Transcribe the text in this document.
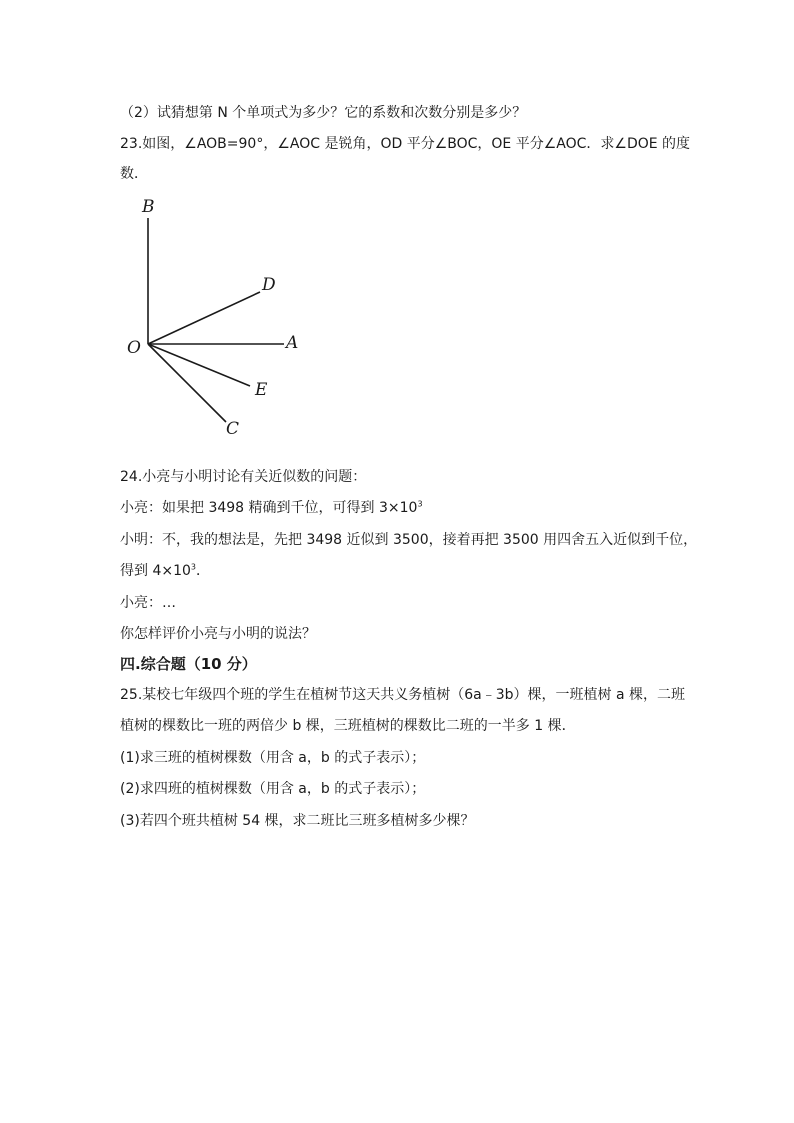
（2）试猜想第 N 个单项式为多少？它的系数和次数分别是多少？
23.如图，∠AOB=90°，∠AOC 是锐角，OD 平分∠BOC，OE 平分∠AOC．求∠DOE 的度
数．
B
D
O	A
E
C
24.小亮与小明讨论有关近似数的问题：
小亮：如果把 3498 精确到千位，可得到 $3\times 10^3$
小明：不，我的想法是，先把 3498 近似到 3500，接着再把 3500 用四舍五入近似到千位，
得到 $4\times 10^3$．
小亮：…
你怎样评价小亮与小明的说法？
四.综合题（10 分）
25.某校七年级四个班的学生在植树节这天共义务植树（6a﹣3b）棵，一班植树 a 棵，二班
植树的棵数比一班的两倍少 b 棵，三班植树的棵数比二班的一半多 1 棵．
(1)求三班的植树棵数（用含 a，b 的式子表示）；
(2)求四班的植树棵数（用含 a，b 的式子表示）；
(3)若四个班共植树 54 棵，求二班比三班多植树多少棵？
